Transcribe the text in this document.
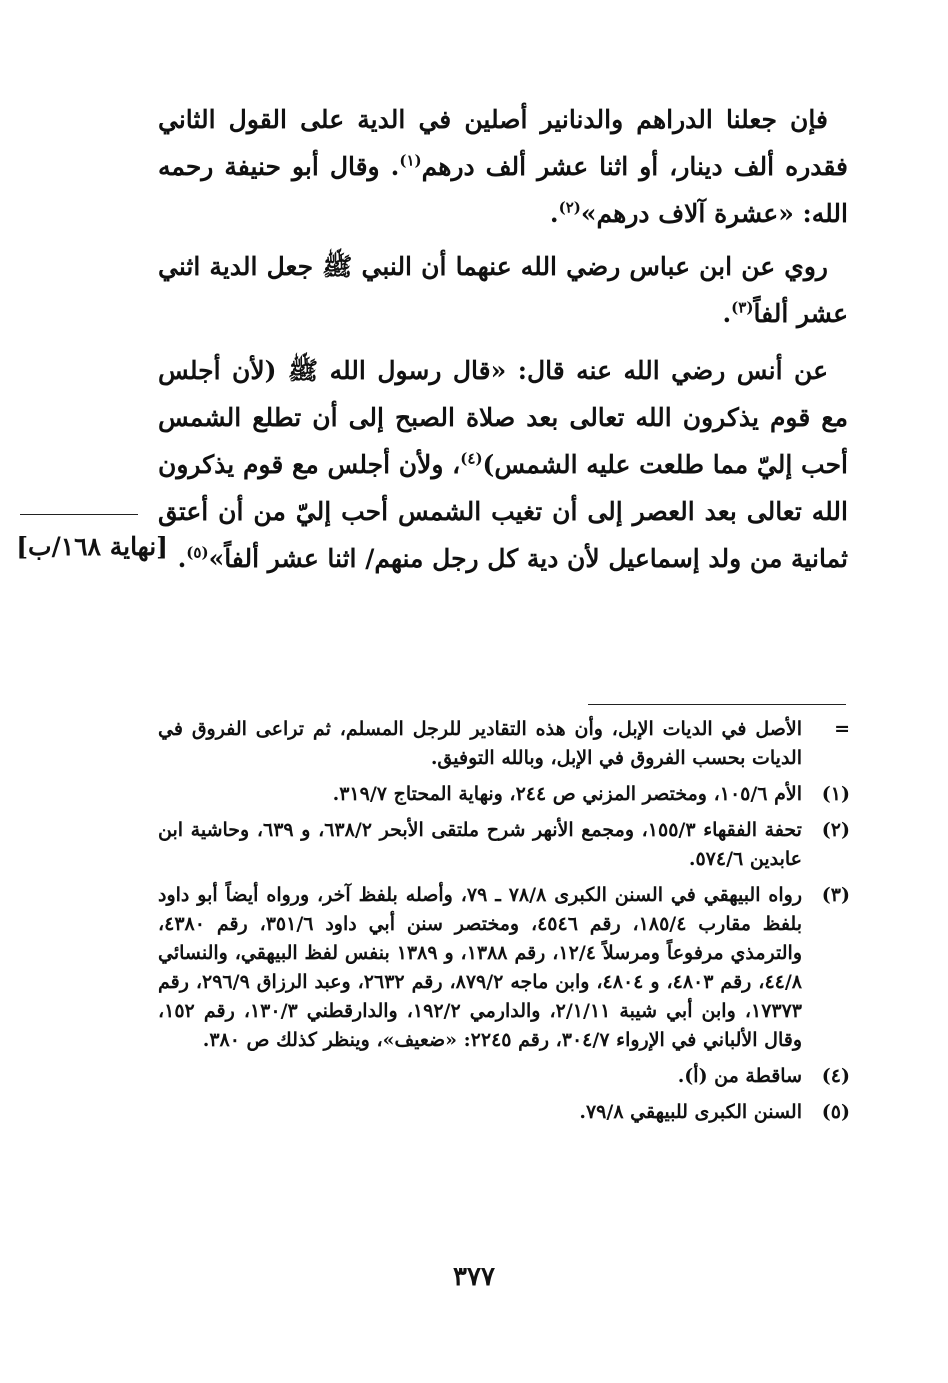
فإن جعلنا الدراهم والدنانير أصلين في الدية على القول الثاني فقدره ألف دينار، أو اثنا عشر ألف درهم$^{(١)}$. وقال أبو حنيفة رحمه الله: «عشرة آلاف درهم»$^{(٢)}$.

روي عن ابن عباس رضي الله عنهما أن النبي ﷺ جعل الدية اثني عشر ألفاً$^{(٣)}$.

عن أنس رضي الله عنه قال: «قال رسول الله ﷺ (لأن أجلس مع قوم يذكرون الله تعالى بعد صلاة الصبح إلى أن تطلع الشمس أحب إليّ مما طلعت عليه الشمس)$^{(٤)}$، ولأن أجلس مع قوم يذكرون الله تعالى بعد العصر إلى أن تغيب الشمس أحب إليّ من أن أعتق ثمانية من ولد إسماعيل لأن دية كل رجل منهم/ اثنا عشر ألفاً»$^{(٥)}$.

[نهاية ١٦٨/ب]
=
الأصل في الديات الإبل، وأن هذه التقادير للرجل المسلم، ثم تراعى الفروق في الديات بحسب الفروق في الإبل، وبالله التوفيق.
(١)
الأم ١٠٥/٦، ومختصر المزني ص ٢٤٤، ونهاية المحتاج ٣١٩/٧.
(٢)
تحفة الفقهاء ١٥٥/٣، ومجمع الأنهر شرح ملتقى الأبحر ٦٣٨/٢، و ٦٣٩، وحاشية ابن عابدين ٥٧٤/٦.
(٣)
رواه البيهقي في السنن الكبرى ٧٨/٨ ـ ٧٩، وأصله بلفظ آخر، ورواه أيضاً أبو داود بلفظ مقارب ١٨٥/٤، رقم ٤٥٤٦، ومختصر سنن أبي داود ٣٥١/٦، رقم ٤٣٨٠، والترمذي مرفوعاً ومرسلاً ١٢/٤، رقم ١٣٨٨، و ١٣٨٩ بنفس لفظ البيهقي، والنسائي ٤٤/٨، رقم ٤٨٠٣، و ٤٨٠٤، وابن ماجه ٨٧٩/٢، رقم ٢٦٣٢، وعبد الرزاق ٢٩٦/٩، رقم ١٧٣٧٣، وابن أبي شيبة ٢/١/١١، والدارمي ١٩٢/٢، والدارقطني ١٣٠/٣، رقم ١٥٢، وقال الألباني في الإرواء ٣٠٤/٧، رقم ٢٢٤٥: «ضعيف»، وينظر كذلك ص ٣٨٠.
(٤)
ساقطة من (أ).
(٥)
السنن الكبرى للبيهقي ٧٩/٨.
٣٧٧
